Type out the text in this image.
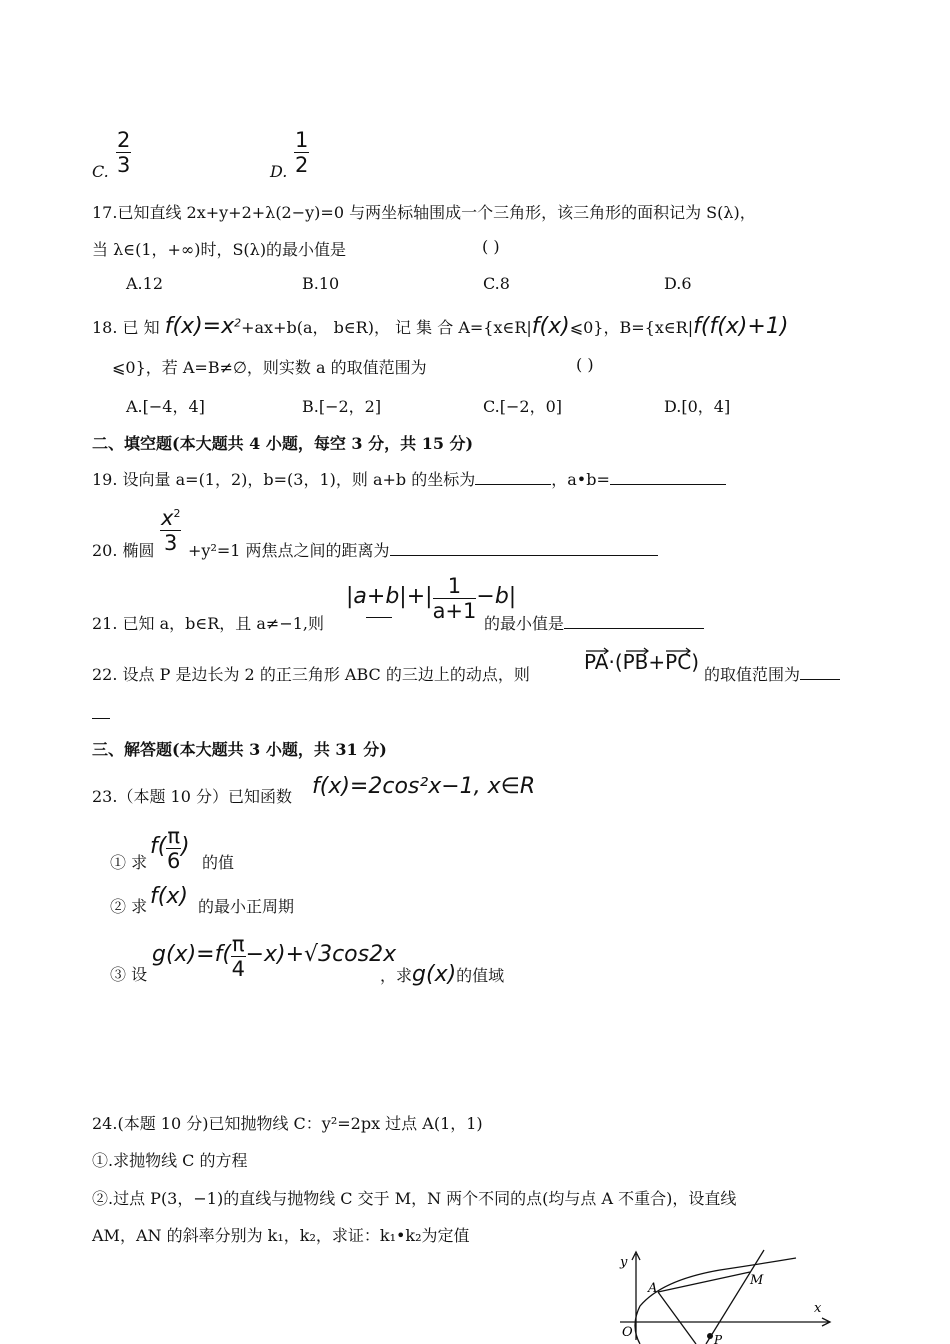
C. $\frac{2}{3}$	D. $\frac{1}{2}$
17.已知直线 2x+y+2+λ(2−y)=0 与两坐标轴围成一个三角形，该三角形的面积记为 S(λ)，
当 λ∈(1，+∞)时，S(λ)的最小值是	( )
A.12	B.10	C.8	D.6
18. 已 知 $f(x)=x^2+ax+b(a$， b∈R)， 记 集 合 A={x∈R|f(x)⩽0}，B={x∈R|f(f(x)+1)
⩽0}，若 A=B≠∅，则实数 a 的取值范围为	( )
A.[−4，4]	B.[−2，2]	C.[−2，0]	D.[0，4]
二、填空题(本大题共 4 小题，每空 3 分，共 15 分)
19. 设向量 a=(1，2)，b=(3，1)，则 a+b 的坐标为	，a•b=
20. 椭圆 $\frac{x^2}{3} +y^2=1$ 两焦点之间的距离为
21. 已知 a，b∈R，且 a≠−1,则
$|a+b|+| \frac{1}{a+1} -b|$
的最小值是
22. 设点 P 是边长为 2 的正三角形 ABC 的三边上的动点，则
PA·(PB+PC)
的取值范围为
三、解答题(本大题共 3 小题，共 31 分)
23.（本题 10 分）已知函数 f(x)=2cos²x−1, x∈R
① 求
$f( \frac{\pi}{6}$ )
的值
② 求 f(x) 的最小正周期
③ 设
$g(x)=f( \frac{\pi}{4} -x)+√3\cos 2x$
，求g(x)的值域
24.(本题 10 分)已知抛物线 C：y²=2px 过点 A(1，1)
①.求抛物线 C 的方程
②.过点 P(3，−1)的直线与抛物线 C 交于 M，N 两个不同的点(均与点 A 不重合)，设直线
AM，AN 的斜率分别为 k₁，k₂，求证：k₁•k₂为定值
y
x
O
A
M
P
